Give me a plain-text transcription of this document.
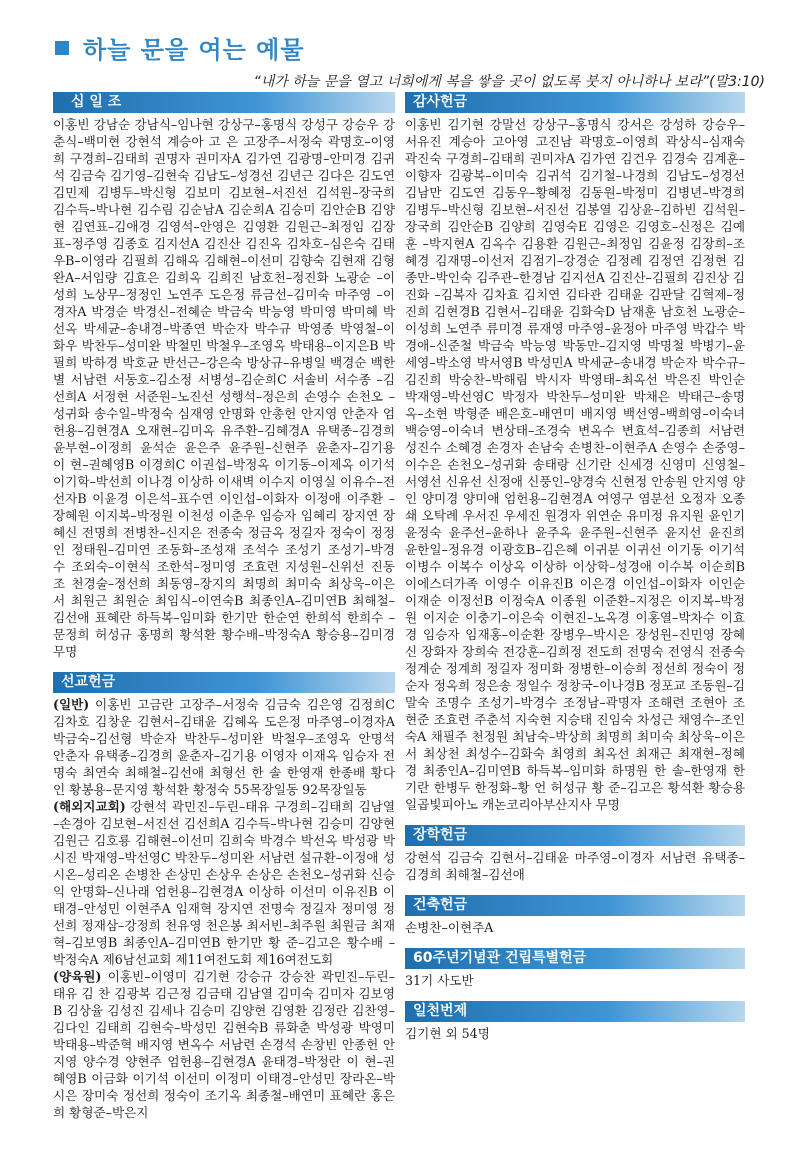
하늘 문을 여는 예물
“내가 하늘 문을 열고 너희에게 복을 쌓을 곳이 없도록 붓지 아니하나 보라”(말3:10)
십 일 조

이홍빈 강남순 강남식–임나현 강상구–홍명식 강성구 강승우 강춘식–백미현 강현석 계승아 고 은 고장주–서정숙 곽명호–이영희 구경희–김태희 권명자 권미자A 김가연 김광명–안미경 김귀석 김금숙 김기영–김현숙 김남도–성경선 김년근 김다은 김도연 김민제 김병두–박신형 김보미 김보현–서진선 김석원–장국희 김수득–박나현 김수림 김순남A 김순희A 김승미 김안순B 김양현 김연표–김애경 김영석–안영은 김영환 김원근–최정임 김장표–정주영 김종호 김지선A 김진산 김진옥 김차호–심은숙 김태우B–이영라 김필희 김해옥 김해현–이선미 김향숙 김현재 김형완A–서임량 김효은 김희옥 김희진 남호천–정진화 노광순 –이성희 노상무–정정인 노연주 도은정 류금선–김미숙 마주영 –이경자A 박경순 박경신–전혜순 박금숙 박능영 박미영 박미혜 박선옥 박세균–송내경–박종연 박순자 박수규 박영종 박영철–이화우 박찬두–성미완 박철민 박철우–조영옥 박태용–이지은B 박필희 박하경 박호균 반선근–강은숙 방상규–유병일 백경순 백한별 서남련 서동호–김소정 서병성–김순희C 서솔비 서수종 –김선희A 서정현 서준원–노진선 성행석–정은희 손영수 손천오 –성귀화 송수일–박정숙 심재영 안명화 안총헌 안지영 안춘자 엄헌용–김현경A 오재현–김미옥 유주환–김혜경A 유택종–김경희 윤부현–이정희 윤석순 윤은주 윤주원–신현주 윤춘자–김기용 이 현–권혜영B 이경희C 이권섭–박정옥 이기동–이제옥 이기석 이기학–박선희 이나경 이상하 이새벽 이수지 이영실 이유수–전선자B 이윤경 이은석–표수연 이인섭–이화자 이정애 이주환 –장혜원 이지복–박정원 이천성 이춘우 임승자 임혜리 장지연 장혜신 전명희 전병찬–신지은 전종숙 정금옥 정길자 정숙이 정정인 정태원–김미연 조동화–조성재 조석수 조성기 조성기–박경수 조외숙–이현식 조한석–정미영 조효련 지성원–신위선 진동조 천경술–정선희 최동영–장지의 최명희 최미숙 최상욱–이은서 최원근 최원순 최임식–이연숙B 최종인A–김미연B 최해철–김선애 표혜란 하득복–임미화 한기만 한순연 한희석 한희수 –문정희 허성규 홍명희 황석환 황수배–박정숙A 황승용–김미경 무명

선교헌금

(일반) 이홍빈 고금란 고장주–서정숙 김금숙 김은영 김정희C 김차호 김창운 김현서–김태윤 김혜옥 도은정 마주영–이경자A 박금숙–김선형 박순자 박찬두–성미완 박철우–조영옥 안명석 안춘자 유택종–김경희 윤춘자–김기용 이영자 이재옥 임승자 전명숙 최연숙 최해철–김선애 최형선 한 솔 한영재 한종배 황다인 황봉용–문지영 황석환 황정숙 55목장일동 92목장일동

(해외지교회) 강현석 곽민진–두린–태유 구경희–김태희 김남열 –손경아 김보현–서진선 김선희A 김수득–박나현 김승미 김양현 김원근 김호룡 김해현–이선미 김희숙 박경수 박선옥 박성광 박시진 박재영–박선영C 박찬두–성미완 서남련 설규환–이정애 성시온–성리온 손병찬 손상민 손상우 손상은 손천오–성귀화 신승익 안명화–신나래 엄헌용–김현경A 이상하 이선미 이유진B 이태경–안성민 이현주A 임재혁 장지연 전명숙 정길자 정미영 정선희 정재삼–강정희 천유영 천은봉 최서빈–최주원 최원금 최재혁–김보영B 최종인A–김미연B 한기만 황 준–김고은 황수배 –박정숙A 제6남선교회 제11여전도회 제16여전도회

(양육원) 이홍빈–이영미 김기현 강승규 강승찬 곽민진–두린–태유 김 찬 김광복 김근정 김금태 김남열 김미숙 김미자 김보영B 김상율 김성진 김세나 김승미 김양현 김영환 김정란 김찬영–김다인 김태희 김현숙–박성민 김현숙B 류화춘 박성광 박영미 박태용–박준혁 배지영 변옥수 서남련 손경석 손창빈 안종헌 안지영 양수경 양현주 엄헌용–김현경A 윤태경–박정란 이 현–권혜영B 이금화 이기석 이선미 이정미 이태경–안성민 장라온–박시은 장미숙 정선희 정숙이 조기옥 최종철–배연미 표혜란 홍은희 황형준–박은지

감사헌금

이홍빈 김기현 강말선 강상구–홍명식 강서은 강성하 강승우–서유진 계승아 고아영 고진남 곽명호–이영희 곽상식–심재숙 곽진숙 구경희–김태희 권미자A 김가연 김건우 김경숙 김계훈–이향자 김광복–이미숙 김귀석 김기철–나경희 김남도–성경선 김남만 김도연 김동우–황혜정 김동원–박정미 김병년–박경희 김병두–박신형 김보현–서진선 김봉열 김상윤–김하빈 김석원–장국희 김안순B 김양희 김영숙E 김영은 김영호–신정은 김예훈 –박지현A 김옥수 김용환 김원근–최정임 김윤정 김장희–조혜경 김재명–이선저 김점기–강경순 김정례 김정연 김정현 김종만–박인숙 김주관–한경남 김지선A 김진산–김필희 김진상 김진화 –김복자 김차효 김치연 김타관 김태윤 김판달 김혁제–정진희 김현경B 김현서–김태윤 김화숙D 남재훈 남호천 노광순–이성희 노연주 류미경 류재영 마주영–윤정아 마주영 박갑수 박경애–신준철 박금숙 박능영 박동만–김지영 박명철 박병기–윤세영–박소영 박서영B 박성민A 박세균–송내경 박순자 박수규–김진희 박숭찬–박해림 박시자 박영태–최옥선 박은진 박인순 박재영–박선영C 박정자 박찬두–성미완 박채은 박태근–송명옥–소현 박형준 배은호–배연미 배지영 백선영–백희영–이숙녀 백승영–이숙녀 변상태–조경숙 변옥수 변효석–김종희 서남련 성진수 소혜경 손경자 손남숙 손병찬–이현주A 손영수 손중영–이수은 손천오–성귀화 송태랑 신기란 신세경 신영미 신영철–서영선 신유선 신정애 신풍인–양경숙 신현정 안송원 안지영 양 인 양미경 양미애 엄헌용–김현경A 여영구 염분선 오정자 오종쇄 오탁례 우서진 우세진 원경자 위연순 유미정 유지원 윤인기 윤정숙 윤주선–윤하나 윤주옥 윤주원–신현주 윤지선 윤진희 윤한일–정유경 이광호B–김은혜 이귀분 이귀선 이기동 이기석 이병수 이복수 이상옥 이상하 이상학–성경애 이수복 이순희B 이에스더가족 이영수 이유진B 이은경 이인섭–이화자 이인순 이재순 이정선B 이정숙A 이종원 이준환–지정은 이지복–박정원 이지순 이충기–이은숙 이현진–노옥경 이홍열–박차수 이효경 임승자 임재홍–이순환 장병우–박시은 장성원–진민영 장혜신 장화자 장희숙 전강훈–김희정 전도희 전명숙 전영식 전종숙 정계순 정계희 정길자 정미화 정병한–이승희 정선희 정숙이 정순자 정옥희 정은송 정일수 정창국–이나경B 정포교 조동원–김말숙 조명수 조성기–박경수 조정남–곽명자 조해련 조현아 조현준 조효련 주춘석 지숙현 지승태 진임숙 차성근 채영수–조인숙A 채필주 천정원 최남숙–박상희 최명희 최미숙 최상욱–이은서 최상천 최성수–김화숙 최영희 최옥선 최재근 최재현–정혜경 최종인A–김미연B 하득복–임미화 하명원 한 솔–한영재 한기란 한병두 한정화–황 언 허성규 황 준–김고은 황석환 황승용 일곱빛피아노 캐논코리아부산지사 무명

장학헌금

강현석 김금숙 김현서–김태윤 마주영–이경자 서남련 유택종–김경희 최해철–김선애

건축헌금

손병찬–이현주A

60주년기념관 건립특별헌금

31기 사도반

일천번제

김기현 외 54명
